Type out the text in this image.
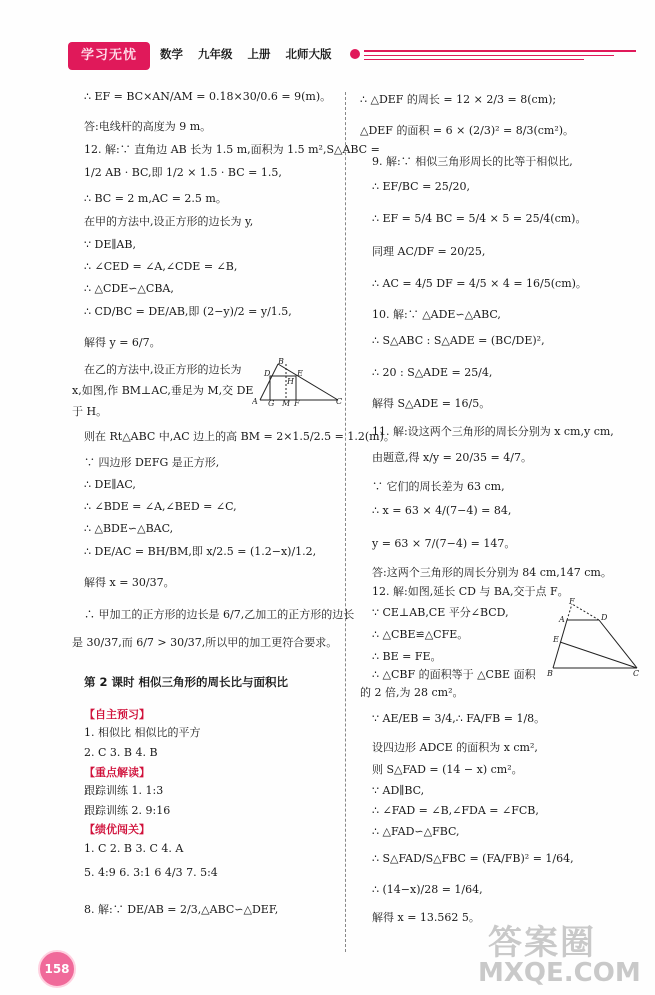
学习无忧	数学 九年级 上册 北师大版
∴ EF = BC×AN/AM = 0.18×30/0.6 = 9(m)。
答:电线杆的高度为 9 m。
12. 解:∵ 直角边 AB 长为 1.5 m,面积为 1.5 m²,S△ABC =
1/2 AB · BC,即 1/2 × 1.5 · BC = 1.5,
∴ BC = 2 m,AC = 2.5 m。
在甲的方法中,设正方形的边长为 y,
∵ DE∥AB,
∴ ∠CED = ∠A,∠CDE = ∠B,
∴ △CDE∽△CBA,
∴ CD/BC = DE/AB,即 (2−y)/2 = y/1.5,
解得 y = 6/7。
在乙的方法中,设正方形的边长为
x,如图,作 BM⊥AC,垂足为 M,交 DE
于 H。
则在 Rt△ABC 中,AC 边上的高 BM = 2×1.5/2.5 = 1.2(m)。
∵ 四边形 DEFG 是正方形,
∴ DE∥AC,
∴ ∠BDE = ∠A,∠BED = ∠C,
∴ △BDE∽△BAC,
∴ DE/AC = BH/BM,即 x/2.5 = (1.2−x)/1.2,
解得 x = 30/37。
∴ 甲加工的正方形的边长是 6/7,乙加工的正方形的边长
是 30/37,而 6/7 > 30/37,所以甲的加工更符合要求。
第 2 课时 相似三角形的周长比与面积比
【自主预习】
1. 相似比 相似比的平方
2. C 3. B 4. B
【重点解读】
跟踪训练 1. 1:3
跟踪训练 2. 9:16
【绩优闯关】
1. C 2. B 3. C 4. A
5. 4:9 6. 3:1 6 4/3 7. 5:4
8. 解:∵ DE/AB = 2/3,△ABC∽△DEF,
B
D
H
E
A G M F	C
∴ △DEF 的周长 = 12 × 2/3 = 8(cm);
△DEF 的面积 = 6 × (2/3)² = 8/3(cm²)。
9. 解:∵ 相似三角形周长的比等于相似比,
∴ EF/BC = 25/20,
∴ EF = 5/4 BC = 5/4 × 5 = 25/4(cm)。
同理 AC/DF = 20/25,
∴ AC = 4/5 DF = 4/5 × 4 = 16/5(cm)。
10. 解:∵ △ADE∽△ABC,
∴ S△ABC : S△ADE = (BC/DE)²,
∴ 20 : S△ADE = 25/4,
解得 S△ADE = 16/5。
11. 解:设这两个三角形的周长分别为 x cm,y cm,
由题意,得 x/y = 20/35 = 4/7。
∵ 它们的周长差为 63 cm,
∴ x = 63 × 4/(7−4) = 84,
y = 63 × 7/(7−4) = 147。
答:这两个三角形的周长分别为 84 cm,147 cm。
12. 解:如图,延长 CD 与 BA,交于点 F。
∵ CE⊥AB,CE 平分∠BCD,
∴ △CBE≌△CFE。
∴ BE = FE。
∴ △CBF 的面积等于 △CBE 面积
的 2 倍,为 28 cm²。
∵ AE/EB = 3/4,∴ FA/FB = 1/8。
设四边形 ADCE 的面积为 x cm²,
则 S△FAD = (14 − x) cm²。
∵ AD∥BC,
∴ ∠FAD = ∠B,∠FDA = ∠FCB,
∴ △FAD∽△FBC,
∴ S△FAD/S△FBC = (FA/FB)² = 1/64,
∴ (14−x)/28 = 1/64,
解得 x = 13.562 5。
F
D
A
E
B	C
158
答案圈
MXQE.COM
